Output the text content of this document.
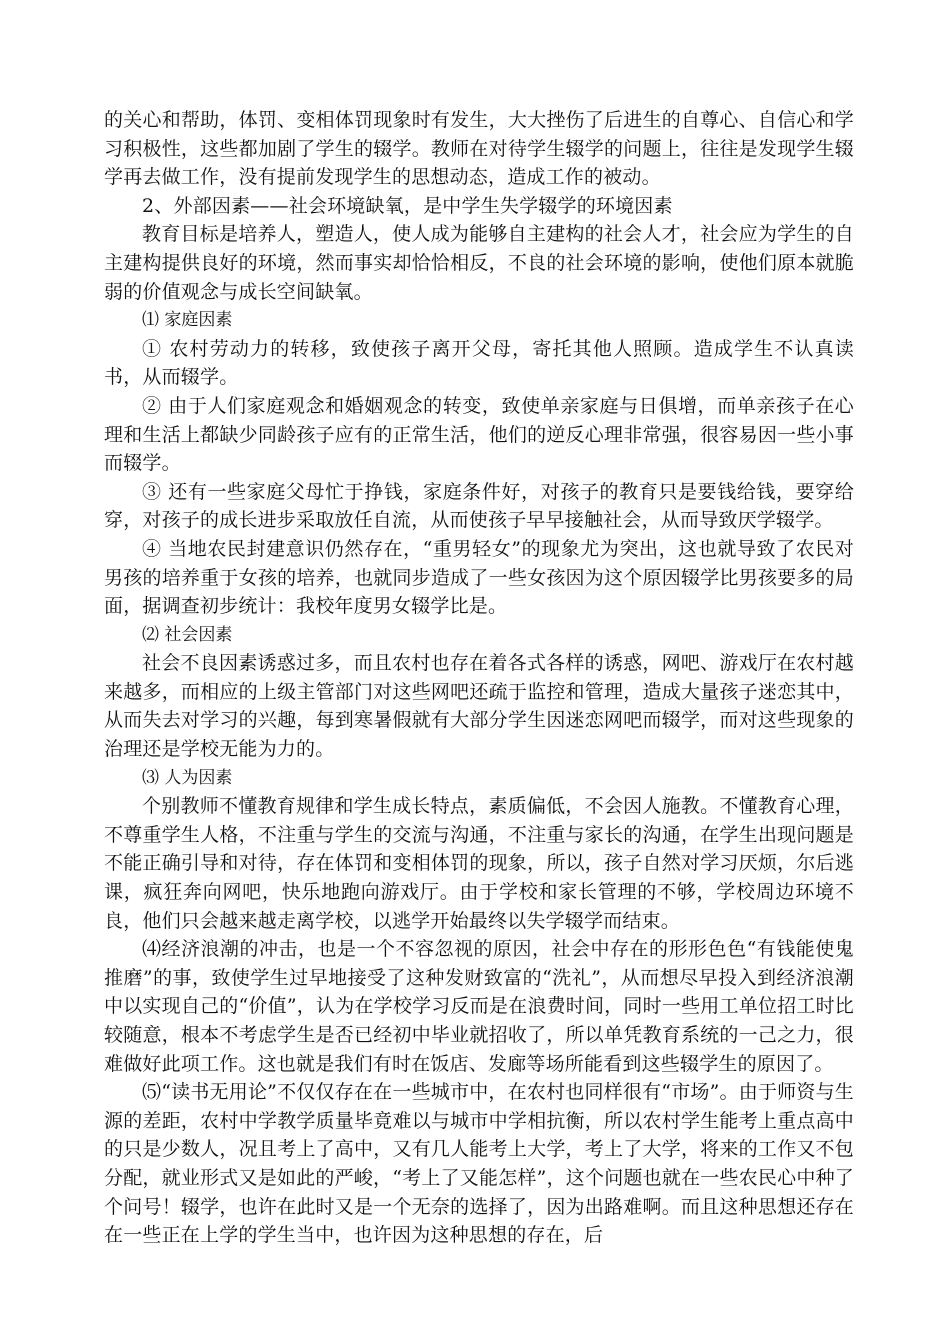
的关心和帮助，体罚、变相体罚现象时有发生，大大挫伤了后进生的自尊心、自信心和学习积极性，这些都加剧了学生的辍学。教师在对待学生辍学的问题上，往往是发现学生辍学再去做工作，没有提前发现学生的思想动态，造成工作的被动。

2、外部因素——社会环境缺氧，是中学生失学辍学的环境因素

教育目标是培养人，塑造人，使人成为能够自主建构的社会人才，社会应为学生的自主建构提供良好的环境，然而事实却恰恰相反，不良的社会环境的影响，使他们原本就脆弱的价值观念与成长空间缺氧。

⑴ 家庭因素

① 农村劳动力的转移，致使孩子离开父母，寄托其他人照顾。造成学生不认真读书，从而辍学。

② 由于人们家庭观念和婚姻观念的转变，致使单亲家庭与日俱增，而单亲孩子在心理和生活上都缺少同龄孩子应有的正常生活，他们的逆反心理非常强，很容易因一些小事而辍学。

③ 还有一些家庭父母忙于挣钱，家庭条件好，对孩子的教育只是要钱给钱，要穿给穿，对孩子的成长进步采取放任自流，从而使孩子早早接触社会，从而导致厌学辍学。

④ 当地农民封建意识仍然存在，“重男轻女”的现象尤为突出，这也就导致了农民对男孩的培养重于女孩的培养，也就同步造成了一些女孩因为这个原因辍学比男孩要多的局面，据调查初步统计：我校年度男女辍学比是。

⑵ 社会因素

社会不良因素诱惑过多，而且农村也存在着各式各样的诱惑，网吧、游戏厅在农村越来越多，而相应的上级主管部门对这些网吧还疏于监控和管理，造成大量孩子迷恋其中，从而失去对学习的兴趣，每到寒暑假就有大部分学生因迷恋网吧而辍学，而对这些现象的治理还是学校无能为力的。

⑶ 人为因素

个别教师不懂教育规律和学生成长特点，素质偏低，不会因人施教。不懂教育心理，不尊重学生人格，不注重与学生的交流与沟通，不注重与家长的沟通，在学生出现问题是不能正确引导和对待，存在体罚和变相体罚的现象，所以，孩子自然对学习厌烦，尔后逃课，疯狂奔向网吧，快乐地跑向游戏厅。由于学校和家长管理的不够，学校周边环境不良，他们只会越来越走离学校，以逃学开始最终以失学辍学而结束。

⑷经济浪潮的冲击，也是一个不容忽视的原因，社会中存在的形形色色“有钱能使鬼推磨”的事，致使学生过早地接受了这种发财致富的“洗礼”，从而想尽早投入到经济浪潮中以实现自己的“价值”，认为在学校学习反而是在浪费时间，同时一些用工单位招工时比较随意，根本不考虑学生是否已经初中毕业就招收了，所以单凭教育系统的一己之力，很难做好此项工作。这也就是我们有时在饭店、发廊等场所能看到这些辍学生的原因了。

⑸“读书无用论”不仅仅存在在一些城市中，在农村也同样很有“市场”。由于师资与生源的差距，农村中学教学质量毕竟难以与城市中学相抗衡，所以农村学生能考上重点高中的只是少数人，况且考上了高中，又有几人能考上大学，考上了大学，将来的工作又不包分配，就业形式又是如此的严峻，“考上了又能怎样”，这个问题也就在一些农民心中种了个问号！辍学，也许在此时又是一个无奈的选择了，因为出路难啊。而且这种思想还存在在一些正在上学的学生当中，也许因为这种思想的存在，后
